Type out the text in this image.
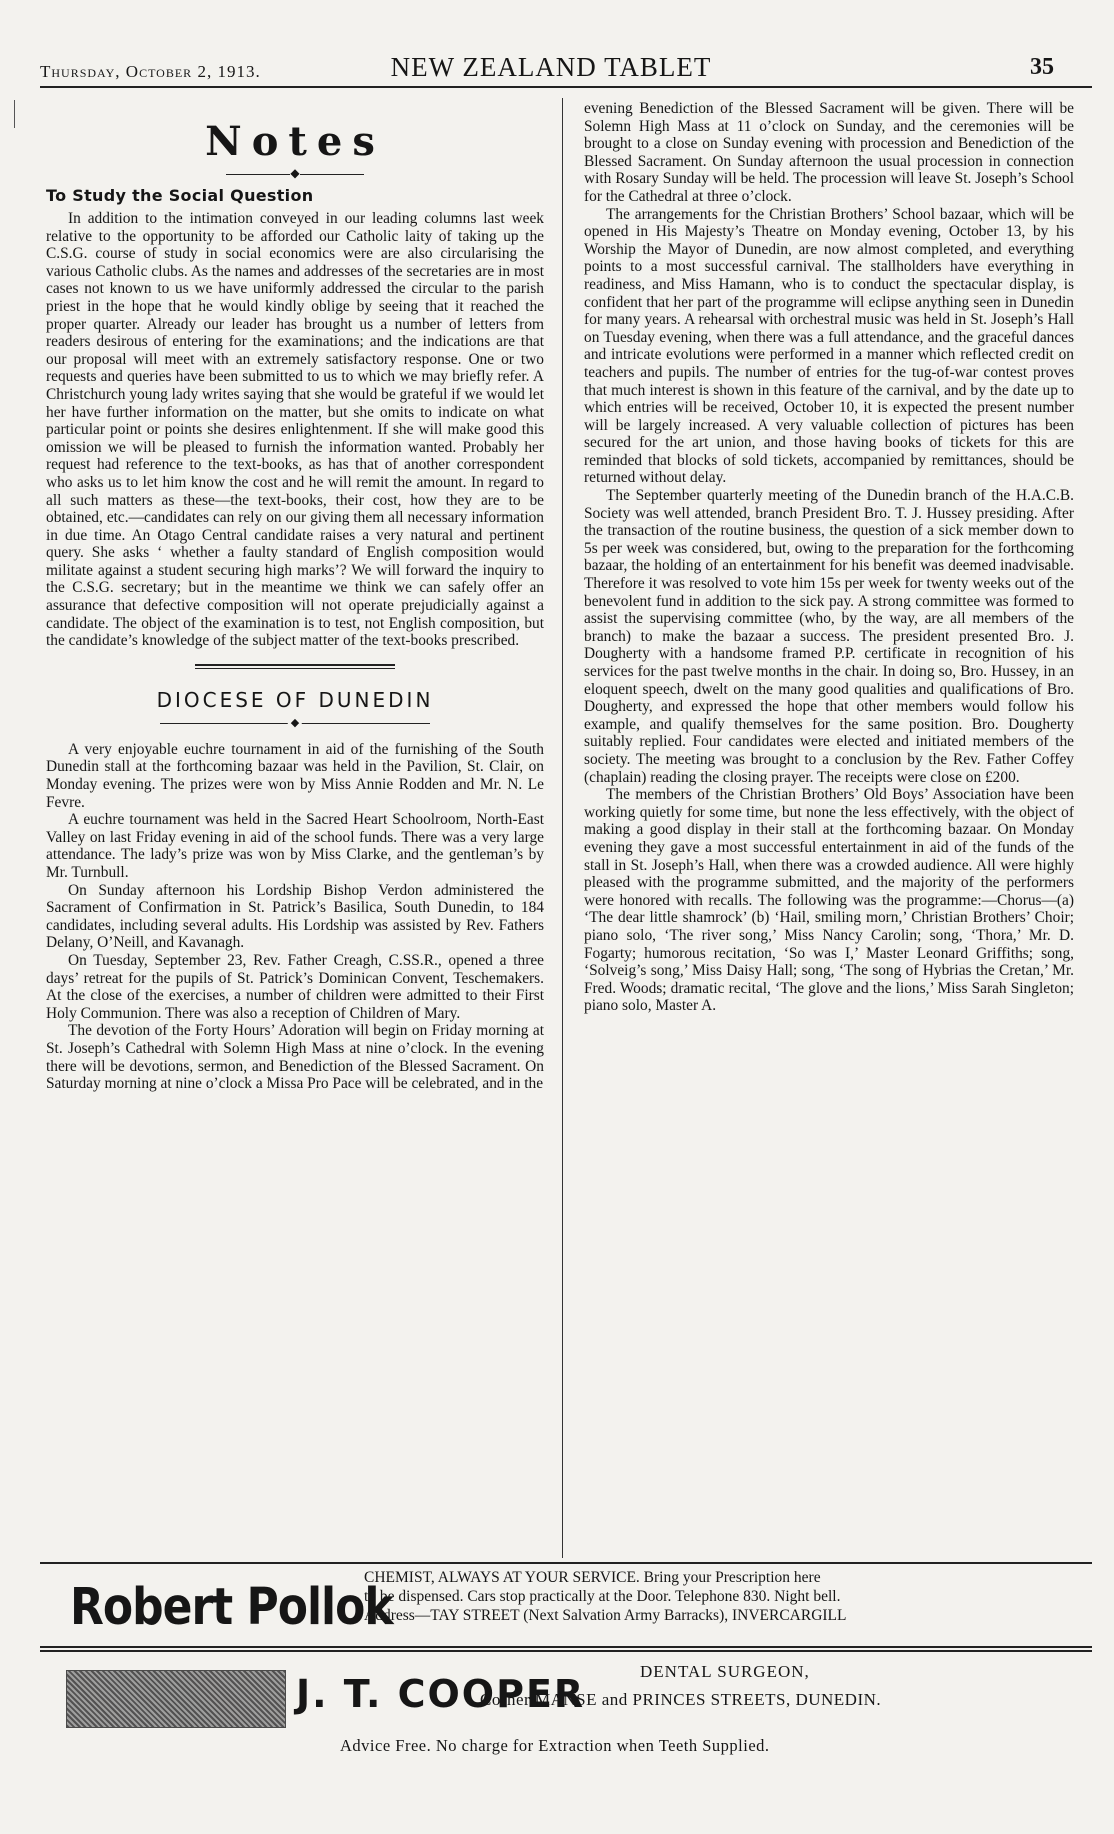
Thursday, October 2, 1913.	NEW ZEALAND TABLET	35
Notes
◆
To Study the Social Question

In addition to the intimation conveyed in our leading columns last week relative to the opportunity to be afforded our Catholic laity of taking up the C.S.G. course of study in social economics were are also circularising the various Catholic clubs. As the names and addresses of the secretaries are in most cases not known to us we have uniformly addressed the circular to the parish priest in the hope that he would kindly oblige by seeing that it reached the proper quarter. Already our leader has brought us a number of letters from readers desirous of entering for the examinations; and the indications are that our proposal will meet with an extremely satisfactory response. One or two requests and queries have been submitted to us to which we may briefly refer. A Christchurch young lady writes saying that she would be grateful if we would let her have further information on the matter, but she omits to indicate on what particular point or points she desires enlightenment. If she will make good this omission we will be pleased to furnish the information wanted. Probably her request had reference to the text-books, as has that of another correspondent who asks us to let him know the cost and he will remit the amount. In regard to all such matters as these—the text-books, their cost, how they are to be obtained, etc.—candidates can rely on our giving them all necessary information in due time. An Otago Central candidate raises a very natural and pertinent query. She asks ‘ whether a faulty standard of English composition would militate against a student securing high marks’? We will forward the inquiry to the C.S.G. secretary; but in the meantime we think we can safely offer an assurance that defective composition will not operate prejudicially against a candidate. The object of the examination is to test, not English composition, but the candidate’s knowledge of the subject matter of the text-books prescribed.

DIOCESE OF DUNEDIN
◆

A very enjoyable euchre tournament in aid of the furnishing of the South Dunedin stall at the forthcoming bazaar was held in the Pavilion, St. Clair, on Monday evening. The prizes were won by Miss Annie Rodden and Mr. N. Le Fevre.

A euchre tournament was held in the Sacred Heart Schoolroom, North-East Valley on last Friday evening in aid of the school funds. There was a very large attendance. The lady’s prize was won by Miss Clarke, and the gentleman’s by Mr. Turnbull.

On Sunday afternoon his Lordship Bishop Verdon administered the Sacrament of Confirmation in St. Patrick’s Basilica, South Dunedin, to 184 candidates, including several adults. His Lordship was assisted by Rev. Fathers Delany, O’Neill, and Kavanagh.

On Tuesday, September 23, Rev. Father Creagh, C.SS.R., opened a three days’ retreat for the pupils of St. Patrick’s Dominican Convent, Teschemakers. At the close of the exercises, a number of children were admitted to their First Holy Communion. There was also a reception of Children of Mary.

The devotion of the Forty Hours’ Adoration will begin on Friday morning at St. Joseph’s Cathedral with Solemn High Mass at nine o’clock. In the evening there will be devotions, sermon, and Benediction of the Blessed Sacrament. On Saturday morning at nine o’clock a Missa Pro Pace will be celebrated, and in the

evening Benediction of the Blessed Sacrament will be given. There will be Solemn High Mass at 11 o’clock on Sunday, and the ceremonies will be brought to a close on Sunday evening with procession and Benediction of the Blessed Sacrament. On Sunday afternoon the usual procession in connection with Rosary Sunday will be held. The procession will leave St. Joseph’s School for the Cathedral at three o’clock.

The arrangements for the Christian Brothers’ School bazaar, which will be opened in His Majesty’s Theatre on Monday evening, October 13, by his Worship the Mayor of Dunedin, are now almost completed, and everything points to a most successful carnival. The stallholders have everything in readiness, and Miss Hamann, who is to conduct the spectacular display, is confident that her part of the programme will eclipse anything seen in Dunedin for many years. A rehearsal with orchestral music was held in St. Joseph’s Hall on Tuesday evening, when there was a full attendance, and the graceful dances and intricate evolutions were performed in a manner which reflected credit on teachers and pupils. The number of entries for the tug-of-war contest proves that much interest is shown in this feature of the carnival, and by the date up to which entries will be received, October 10, it is expected the present number will be largely increased. A very valuable collection of pictures has been secured for the art union, and those having books of tickets for this are reminded that blocks of sold tickets, accompanied by remittances, should be returned without delay.

The September quarterly meeting of the Dunedin branch of the H.A.C.B. Society was well attended, branch President Bro. T. J. Hussey presiding. After the transaction of the routine business, the question of a sick member down to 5s per week was considered, but, owing to the preparation for the forthcoming bazaar, the holding of an entertainment for his benefit was deemed inadvisable. Therefore it was resolved to vote him 15s per week for twenty weeks out of the benevolent fund in addition to the sick pay. A strong committee was formed to assist the supervising committee (who, by the way, are all members of the branch) to make the bazaar a success. The president presented Bro. J. Dougherty with a handsome framed P.P. certificate in recognition of his services for the past twelve months in the chair. In doing so, Bro. Hussey, in an eloquent speech, dwelt on the many good qualities and qualifications of Bro. Dougherty, and expressed the hope that other members would follow his example, and qualify themselves for the same position. Bro. Dougherty suitably replied. Four candidates were elected and initiated members of the society. The meeting was brought to a conclusion by the Rev. Father Coffey (chaplain) reading the closing prayer. The receipts were close on £200.

The members of the Christian Brothers’ Old Boys’ Association have been working quietly for some time, but none the less effectively, with the object of making a good display in their stall at the forthcoming bazaar. On Monday evening they gave a most successful entertainment in aid of the funds of the stall in St. Joseph’s Hall, when there was a crowded audience. All were highly pleased with the programme submitted, and the majority of the performers were honored with recalls. The following was the programme:—Chorus—(a) ‘The dear little shamrock’ (b) ‘Hail, smiling morn,’ Christian Brothers’ Choir; piano solo, ‘The river song,’ Miss Nancy Carolin; song, ‘Thora,’ Mr. D. Fogarty; humorous recitation, ‘So was I,’ Master Leonard Griffiths; song, ‘Solveig’s song,’ Miss Daisy Hall; song, ‘The song of Hybrias the Cretan,’ Mr. Fred. Woods; dramatic recital, ‘The glove and the lions,’ Miss Sarah Singleton; piano solo, Master A.

Robert Pollok
CHEMIST, ALWAYS AT YOUR SERVICE. Bring your Prescription here
to be dispensed. Cars stop practically at the Door. Telephone 830. Night bell.
Address—TAY STREET (Next Salvation Army Barracks), INVERCARGILL
J. T. COOPER
DENTAL SURGEON,
Corner MANSE and PRINCES STREETS, DUNEDIN.
Advice Free. No charge for Extraction when Teeth Supplied.
